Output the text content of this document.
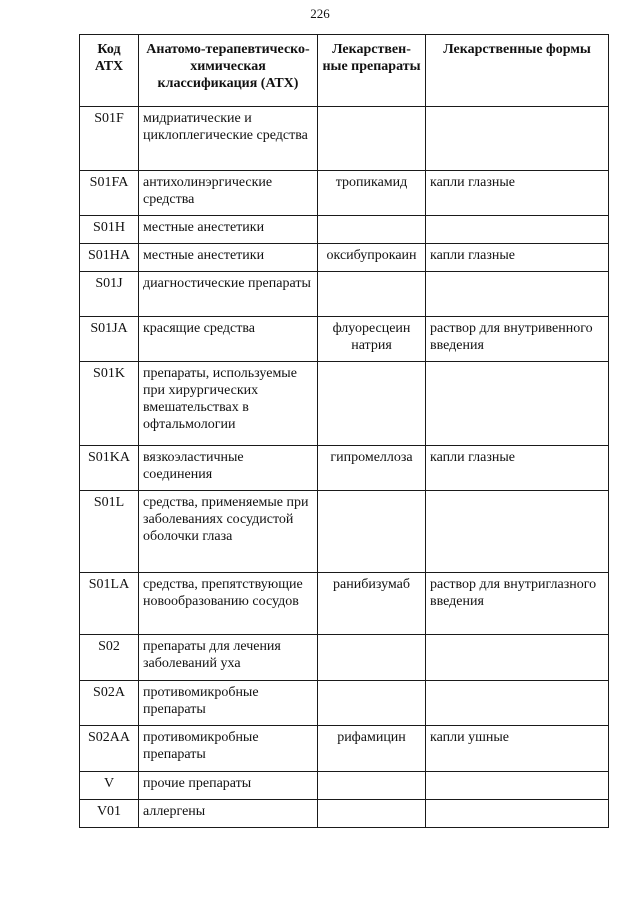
226
Код АТХ	Анатомо-терапевтическо-химическая классификация (АТХ)	Лекарствен-ные препараты	Лекарственные формы
S01F	мидриатические и циклоплегические средства		
S01FA	антихолинэргические средства	тропикамид	капли глазные
S01H	местные анестетики		
S01HA	местные анестетики	оксибупрокаин	капли глазные
S01J	диагностические препараты		
S01JA	красящие средства	флуоресцеин натрия	раствор для внутривенного введения
S01K	препараты, используемые при хирургических вмешательствах в офтальмологии		
S01KA	вязкоэластичные соединения	гипромеллоза	капли глазные
S01L	средства, применяемые при заболеваниях сосудистой оболочки глаза		
S01LA	средства, препятствующие новообразованию сосудов	ранибизумаб	раствор для внутриглазного введения
S02	препараты для лечения заболеваний уха		
S02A	противомикробные препараты		
S02AA	противомикробные препараты	рифамицин	капли ушные
V	прочие препараты		
V01	аллергены		
